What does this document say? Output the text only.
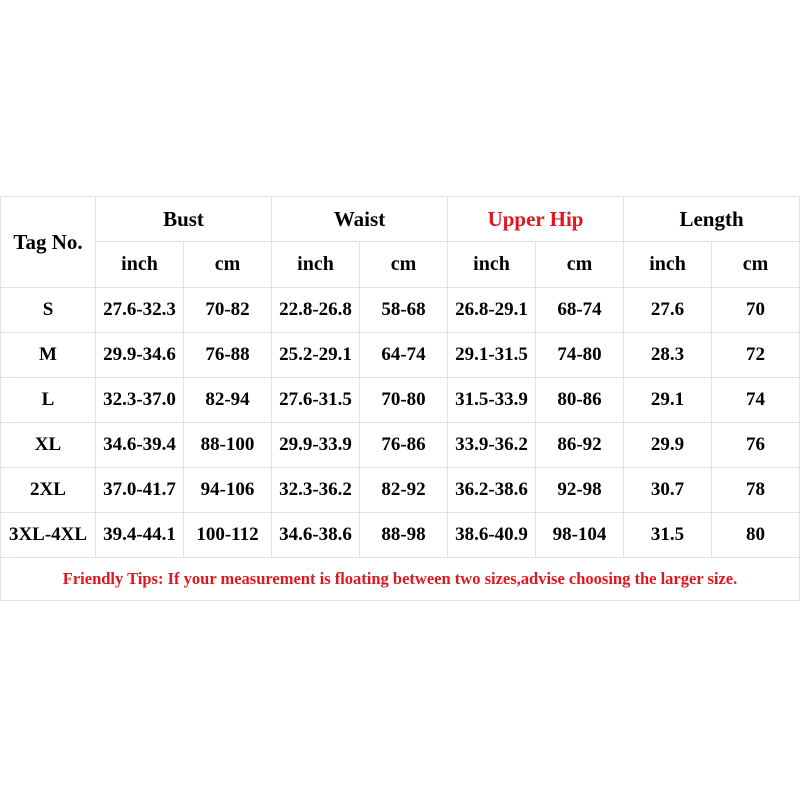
Tag No.	Bust		Waist		Upper Hip		Length	
	inch	cm	inch	cm	inch	cm	inch	cm
S	27.6-32.3	70-82	22.8-26.8	58-68	26.8-29.1	68-74	27.6	70
M	29.9-34.6	76-88	25.2-29.1	64-74	29.1-31.5	74-80	28.3	72
L	32.3-37.0	82-94	27.6-31.5	70-80	31.5-33.9	80-86	29.1	74
XL	34.6-39.4	88-100	29.9-33.9	76-86	33.9-36.2	86-92	29.9	76
2XL	37.0-41.7	94-106	32.3-36.2	82-92	36.2-38.6	92-98	30.7	78
3XL-4XL	39.4-44.1	100-112	34.6-38.6	88-98	38.6-40.9	98-104	31.5	80
Friendly Tips: If your measurement is floating between two sizes,advise choosing the larger size.								
